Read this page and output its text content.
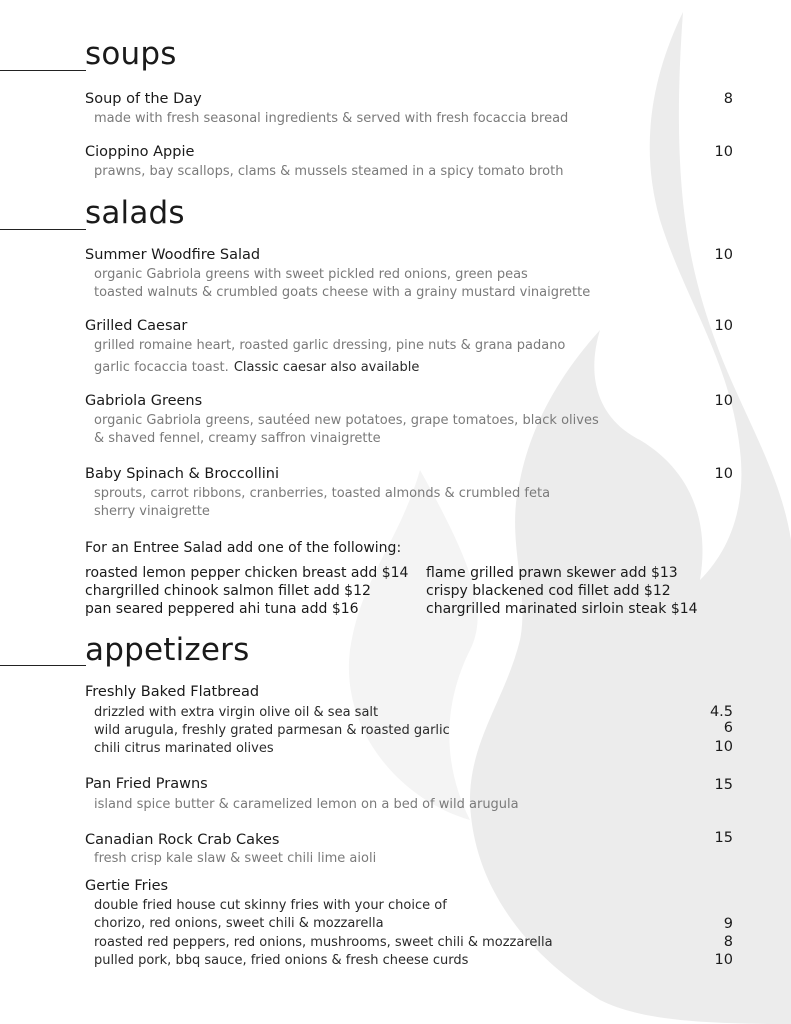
soups
Soup of the Day	8
made with fresh seasonal ingredients & served with fresh focaccia bread
Cioppino Appie	10
prawns, bay scallops, clams & mussels steamed in a spicy tomato broth
salads
Summer Woodfire Salad	10
organic Gabriola greens with sweet pickled red onions, green peas
toasted walnuts & crumbled goats cheese with a grainy mustard vinaigrette
Grilled Caesar	10
grilled romaine heart, roasted garlic dressing, pine nuts & grana padano
garlic focaccia toast. Classic caesar also available
Gabriola Greens	10
organic Gabriola greens, sautéed new potatoes, grape tomatoes, black olives
& shaved fennel, creamy saffron vinaigrette
Baby Spinach & Broccollini	10
sprouts, carrot ribbons, cranberries, toasted almonds & crumbled feta
sherry vinaigrette
For an Entree Salad add one of the following:
roasted lemon pepper chicken breast add $14
chargrilled chinook salmon fillet add $12
pan seared peppered ahi tuna add $16
flame grilled prawn skewer add $13
crispy blackened cod fillet add $12
chargrilled marinated sirloin steak $14
appetizers
Freshly Baked Flatbread
drizzled with extra virgin olive oil & sea salt	4.5
wild arugula, freshly grated parmesan & roasted garlic	6
chili citrus marinated olives	10
Pan Fried Prawns	15
island spice butter & caramelized lemon on a bed of wild arugula
Canadian Rock Crab Cakes	15
fresh crisp kale slaw & sweet chili lime aioli
Gertie Fries
double fried house cut skinny fries with your choice of
chorizo, red onions, sweet chili & mozzarella	9
roasted red peppers, red onions, mushrooms, sweet chili & mozzarella	8
pulled pork, bbq sauce, fried onions & fresh cheese curds	10
